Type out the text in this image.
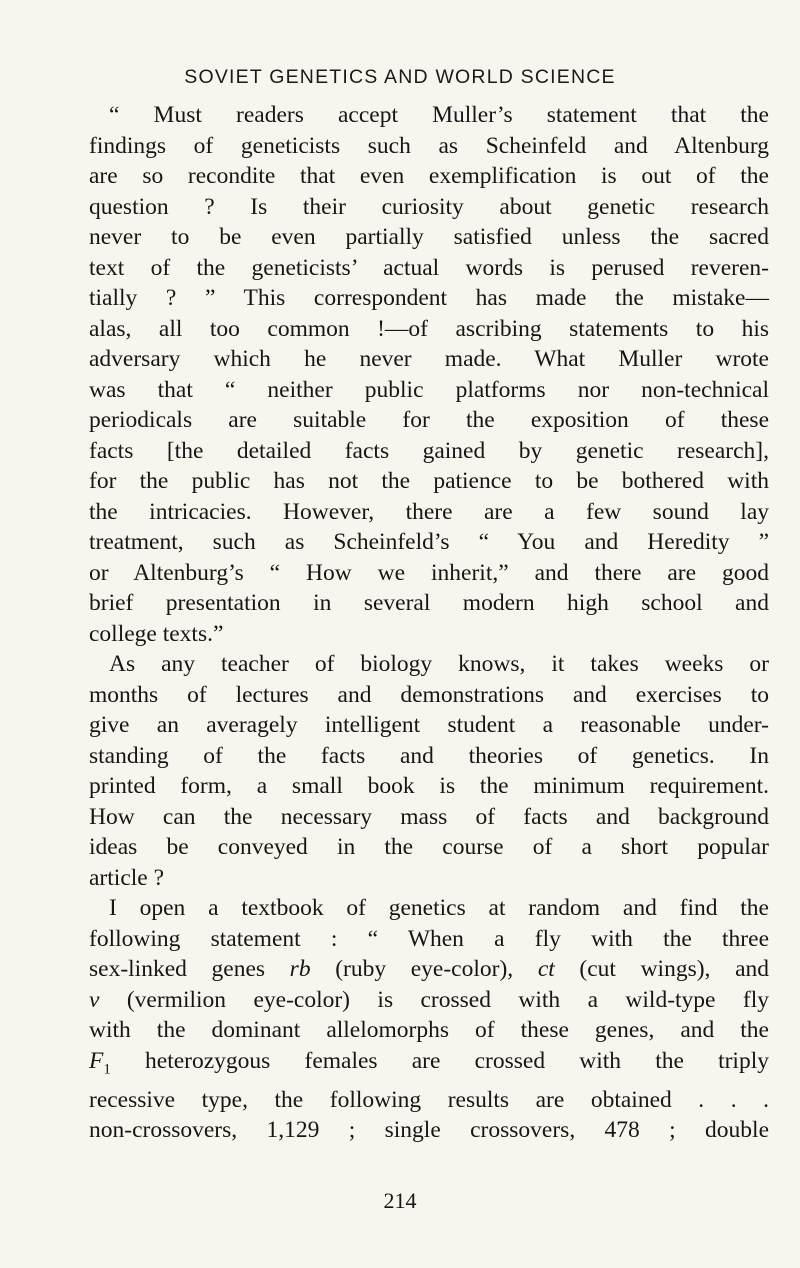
SOVIET GENETICS AND WORLD SCIENCE
“ Must readers accept Muller’s statement that the
findings of geneticists such as Scheinfeld and Altenburg
are so recondite that even exemplification is out of the
question ? Is their curiosity about genetic research
never to be even partially satisfied unless the sacred
text of the geneticists’ actual words is perused reveren-
tially ? ” This correspondent has made the mistake—
alas, all too common !—of ascribing statements to his
adversary which he never made. What Muller wrote
was that “ neither public platforms nor non-technical
periodicals are suitable for the exposition of these
facts [the detailed facts gained by genetic research],
for the public has not the patience to be bothered with
the intricacies. However, there are a few sound lay
treatment, such as Scheinfeld’s “ You and Heredity ”
or Altenburg’s “ How we inherit,” and there are good
brief presentation in several modern high school and
college texts.”
As any teacher of biology knows, it takes weeks or
months of lectures and demonstrations and exercises to
give an averagely intelligent student a reasonable under-
standing of the facts and theories of genetics. In
printed form, a small book is the minimum requirement.
How can the necessary mass of facts and background
ideas be conveyed in the course of a short popular
article ?
I open a textbook of genetics at random and find the
following statement : “ When a fly with the three
sex-linked genes rb (ruby eye-color), ct (cut wings), and
v (vermilion eye-color) is crossed with a wild-type fly
with the dominant allelomorphs of these genes, and the
$F_1$ heterozygous females are crossed with the triply
recessive type, the following results are obtained . . .
non-crossovers, 1,129 ; single crossovers, 478 ; double
214
